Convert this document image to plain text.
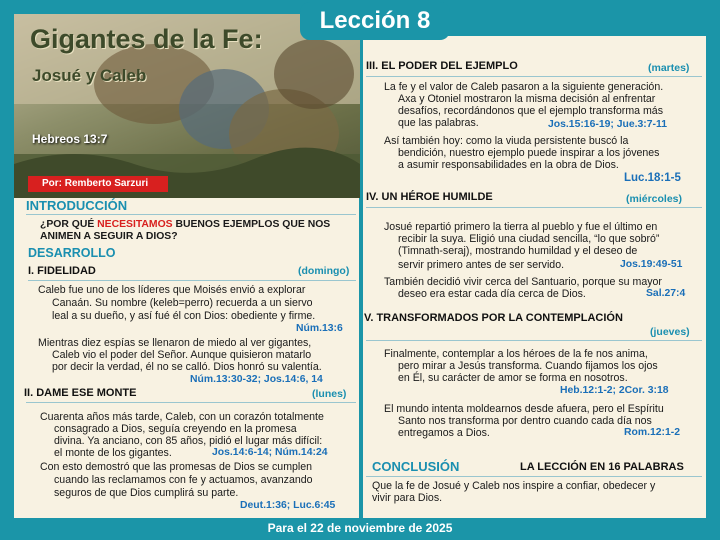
Gigantes de la Fe:
Josué y Caleb
Hebreos 13:7
Por: Remberto Sarzuri
Lección 8
INTRODUCCIÓN
¿POR QUÉ NECESITAMOS BUENOS EJEMPLOS QUE NOS
ANIMEN A SEGUIR A DIOS?
DESARROLLO
I. FIDELIDAD	(domingo)
Caleb fue uno de los líderes que Moisés envió a explorar
Canaán. Su nombre (keleb=perro) recuerda a un siervo
leal a su dueño, y así fué él con Dios: obediente y firme.
Núm.13:6
Mientras diez espías se llenaron de miedo al ver gigantes,
Caleb vio el poder del Señor. Aunque quisieron matarlo
por decir la verdad, él no se calló. Dios honró su valentía.
Núm.13:30-32; Jos.14:6, 14
II. DAME ESE MONTE	(lunes)
Cuarenta años más tarde, Caleb, con un corazón totalmente
consagrado a Dios, seguía creyendo en la promesa
divina. Ya anciano, con 85 años, pidió el lugar más difícil:
el monte de los gigantes.	Jos.14:6-14; Núm.14:24
Con esto demostró que las promesas de Dios se cumplen
cuando las reclamamos con fe y actuamos, avanzando
seguros de que Dios cumplirá su parte.
Deut.1:36; Luc.6:45
III. EL PODER DEL EJEMPLO	(martes)
La fe y el valor de Caleb pasaron a la siguiente generación.
Axa y Otoniel mostraron la misma decisión al enfrentar
desafíos, recordándonos que el ejemplo transforma más
que las palabras.	Jos.15:16-19; Jue.3:7-11
Así también hoy: como la viuda persistente buscó la
bendición, nuestro ejemplo puede inspirar a los jóvenes
a asumir responsabilidades en la obra de Dios.
Luc.18:1-5
IV. UN HÉROE HUMILDE	(miércoles)
Josué repartió primero la tierra al pueblo y fue el último en
recibir la suya. Eligió una ciudad sencilla, “lo que sobró”
(Timnath-seraj), mostrando humildad y el deseo de
servir primero antes de ser servido.	Jos.19:49-51
También decidió vivir cerca del Santuario, porque su mayor
deseo era estar cada día cerca de Dios.	Sal.27:4
V. TRANSFORMADOS POR LA CONTEMPLACIÓN
(jueves)
Finalmente, contemplar a los héroes de la fe nos anima,
pero mirar a Jesús transforma. Cuando fijamos los ojos
en Él, su carácter de amor se forma en nosotros.
Heb.12:1-2; 2Cor. 3:18
El mundo intenta moldearnos desde afuera, pero el Espíritu
Santo nos transforma por dentro cuando cada día nos
entregamos a Dios.	Rom.12:1-2
CONCLUSIÓN	LA LECCIÓN EN 16 PALABRAS
Que la fe de Josué y Caleb nos inspire a confiar, obedecer y
vivir para Dios.
Para el 22 de noviembre de 2025
